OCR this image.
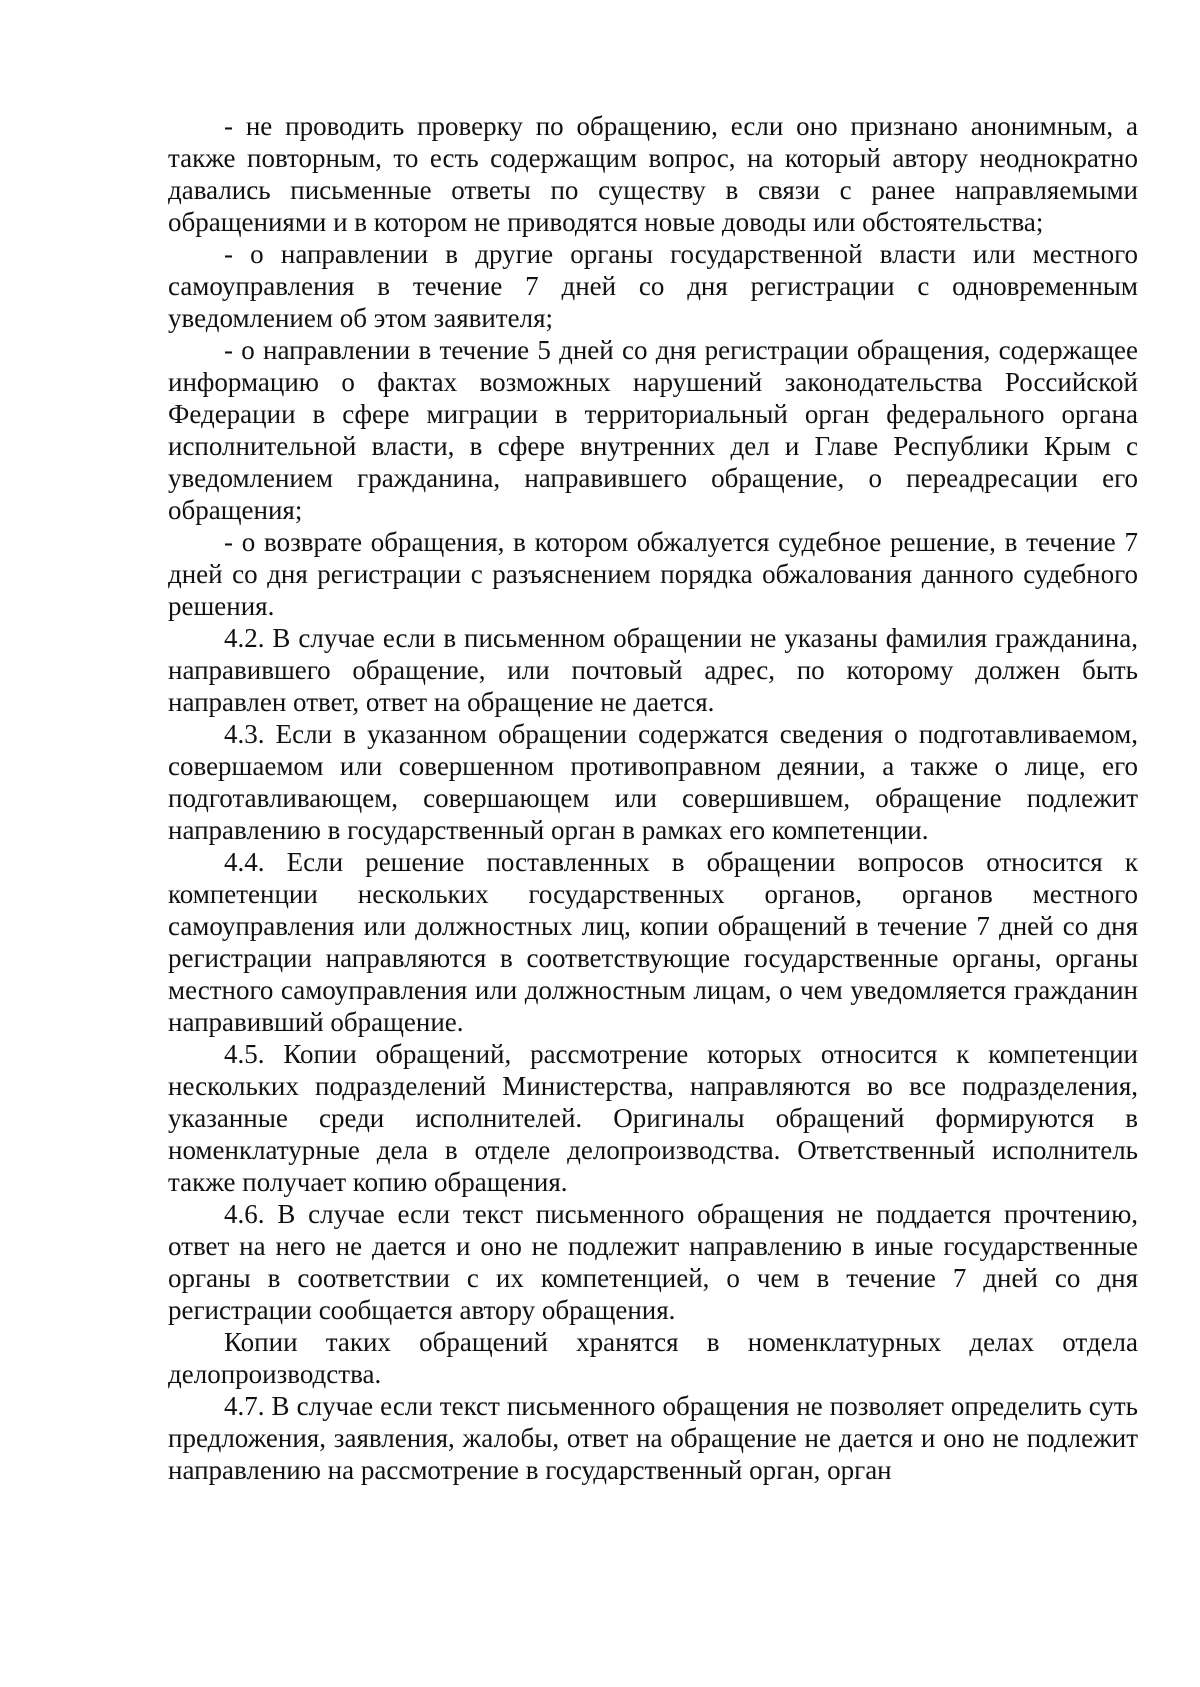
- не проводить проверку по обращению, если оно признано анонимным, а также повторным, то есть содержащим вопрос, на который автору неоднократно давались письменные ответы по существу в связи с ранее направляемыми обращениями и в котором не приводятся новые доводы или обстоятельства;

- о направлении в другие органы государственной власти или местного самоуправления в течение 7 дней со дня регистрации с одновременным уведомлением об этом заявителя;

- о направлении в течение 5 дней со дня регистрации обращения, содержащее информацию о фактах возможных нарушений законодательства Российской Федерации в сфере миграции в территориальный орган федерального органа исполнительной власти, в сфере внутренних дел и Главе Республики Крым с уведомлением гражданина, направившего обращение, о переадресации его обращения;

- о возврате обращения, в котором обжалуется судебное решение, в течение 7 дней со дня регистрации с разъяснением порядка обжалования данного судебного решения.

4.2. В случае если в письменном обращении не указаны фамилия гражданина, направившего обращение, или почтовый адрес, по которому должен быть направлен ответ, ответ на обращение не дается.

4.3. Если в указанном обращении содержатся сведения о подготавливаемом, совершаемом или совершенном противоправном деянии, а также о лице, его подготавливающем, совершающем или совершившем, обращение подлежит направлению в государственный орган в рамках его компетенции.

4.4. Если решение поставленных в обращении вопросов относится к компетенции нескольких государственных органов, органов местного самоуправления или должностных лиц, копии обращений в течение 7 дней со дня регистрации направляются в соответствующие государственные органы, органы местного самоуправления или должностным лицам, о чем уведомляется гражданин направивший обращение.

4.5. Копии обращений, рассмотрение которых относится к компетенции нескольких подразделений Министерства, направляются во все подразделения, указанные среди исполнителей. Оригиналы обращений формируются в номенклатурные дела в отделе делопроизводства. Ответственный исполнитель также получает копию обращения.

4.6. В случае если текст письменного обращения не поддается прочтению, ответ на него не дается и оно не подлежит направлению в иные государственные органы в соответствии с их компетенцией, о чем в течение 7 дней со дня регистрации сообщается автору обращения.

Копии таких обращений хранятся в номенклатурных делах отдела делопроизводства.

4.7. В случае если текст письменного обращения не позволяет определить суть предложения, заявления, жалобы, ответ на обращение не дается и оно не подлежит направлению на рассмотрение в государственный орган, орган
